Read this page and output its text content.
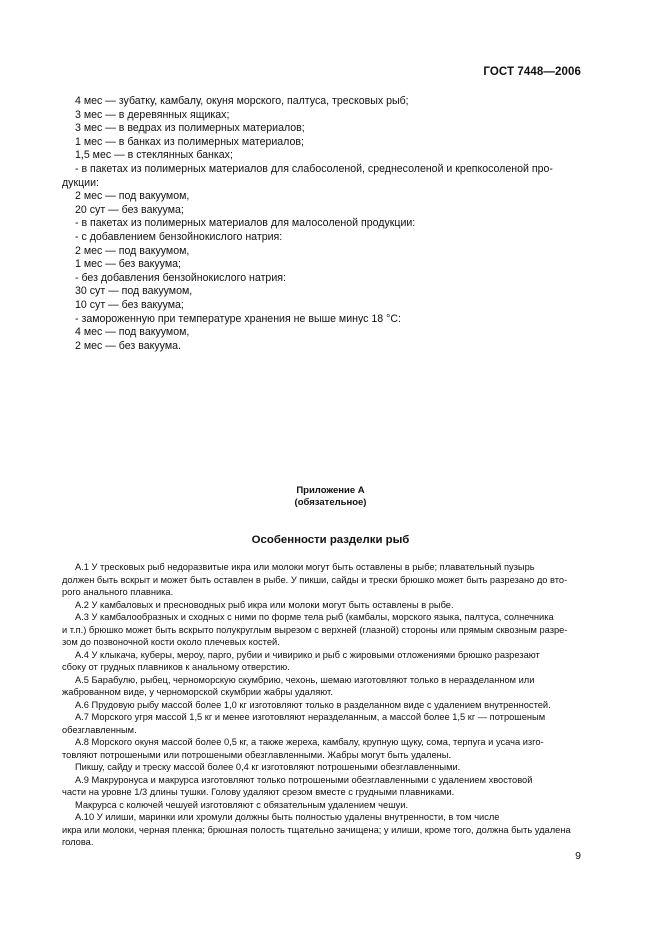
ГОСТ 7448—2006
4 мес — зубатку, камбалу, окуня морского, палтуса, тресковых рыб;
3 мес — в деревянных ящиках;
3 мес — в ведрах из полимерных материалов;
1 мес — в банках из полимерных материалов;
1,5 мес — в стеклянных банках;
- в пакетах из полимерных материалов для слабосоленой, среднесоленой и крепкосоленой про-
дукции:
2 мес — под вакуумом,
20 сут — без вакуума;
- в пакетах из полимерных материалов для малосоленой продукции:
- с добавлением бензойнокислого натрия:
2 мес — под вакуумом,
1 мес — без вакуума;
- без добавления бензойнокислого натрия:
30 сут — под вакуумом,
10 сут — без вакуума;
- замороженную при температуре хранения не выше минус 18 °С:
4 мес — под вакуумом,
2 мес — без вакуума.
Приложение А
(обязательное)
Особенности разделки рыб
А.1 У тресковых рыб недоразвитые икра или молоки могут быть оставлены в рыбе; плавательный пузырь
должен быть вскрыт и может быть оставлен в рыбе. У пикши, сайды и трески брюшко может быть разрезано до вто-
рого анального плавника.
А.2 У камбаловых и пресноводных рыб икра или молоки могут быть оставлены в рыбе.
А.3 У камбалообразных и сходных с ними по форме тела рыб (камбалы, морского языка, палтуса, солнечника
и т.п.) брюшко может быть вскрыто полукруглым вырезом с верхней (глазной) стороны или прямым сквозным разре-
зом до позвоночной кости около плечевых костей.
А.4 У клыкача, куберы, мероу, парго, рубии и чивирико и рыб с жировыми отложениями брюшко разрезают
сбоку от грудных плавников к анальному отверстию.
А.5 Барабулю, рыбец, черноморскую скумбрию, чехонь, шемаю изготовляют только в неразделанном или
жаброванном виде, у черноморской скумбрии жабры удаляют.
А.6 Прудовую рыбу массой более 1,0 кг изготовляют только в разделанном виде с удалением внутренностей.
А.7 Морского угря массой 1,5 кг и менее изготовляют неразделанным, а массой более 1,5 кг — потрошеным
обезглавленным.
А.8 Морского окуня массой более 0,5 кг, а также жереха, камбалу, крупную щуку, сома, терпуга и усача изго-
товляют потрошеными или потрошеными обезглавленными. Жабры могут быть удалены.
Пикшу, сайду и треску массой более 0,4 кг изготовляют потрошеными обезглавленными.
А.9 Макруронуса и макрурса изготовляют только потрошеными обезглавленными с удалением хвостовой
части на уровне 1/3 длины тушки. Голову удаляют срезом вместе с грудными плавниками.
Макрурса с колючей чешуей изготовляют с обязательным удалением чешуи.
А.10 У илиши, маринки или хромули должны быть полностью удалены внутренности, в том числе
икра или молоки, черная пленка; брюшная полость тщательно зачищена; у илиши, кроме того, должна быть удалена
голова.
9
